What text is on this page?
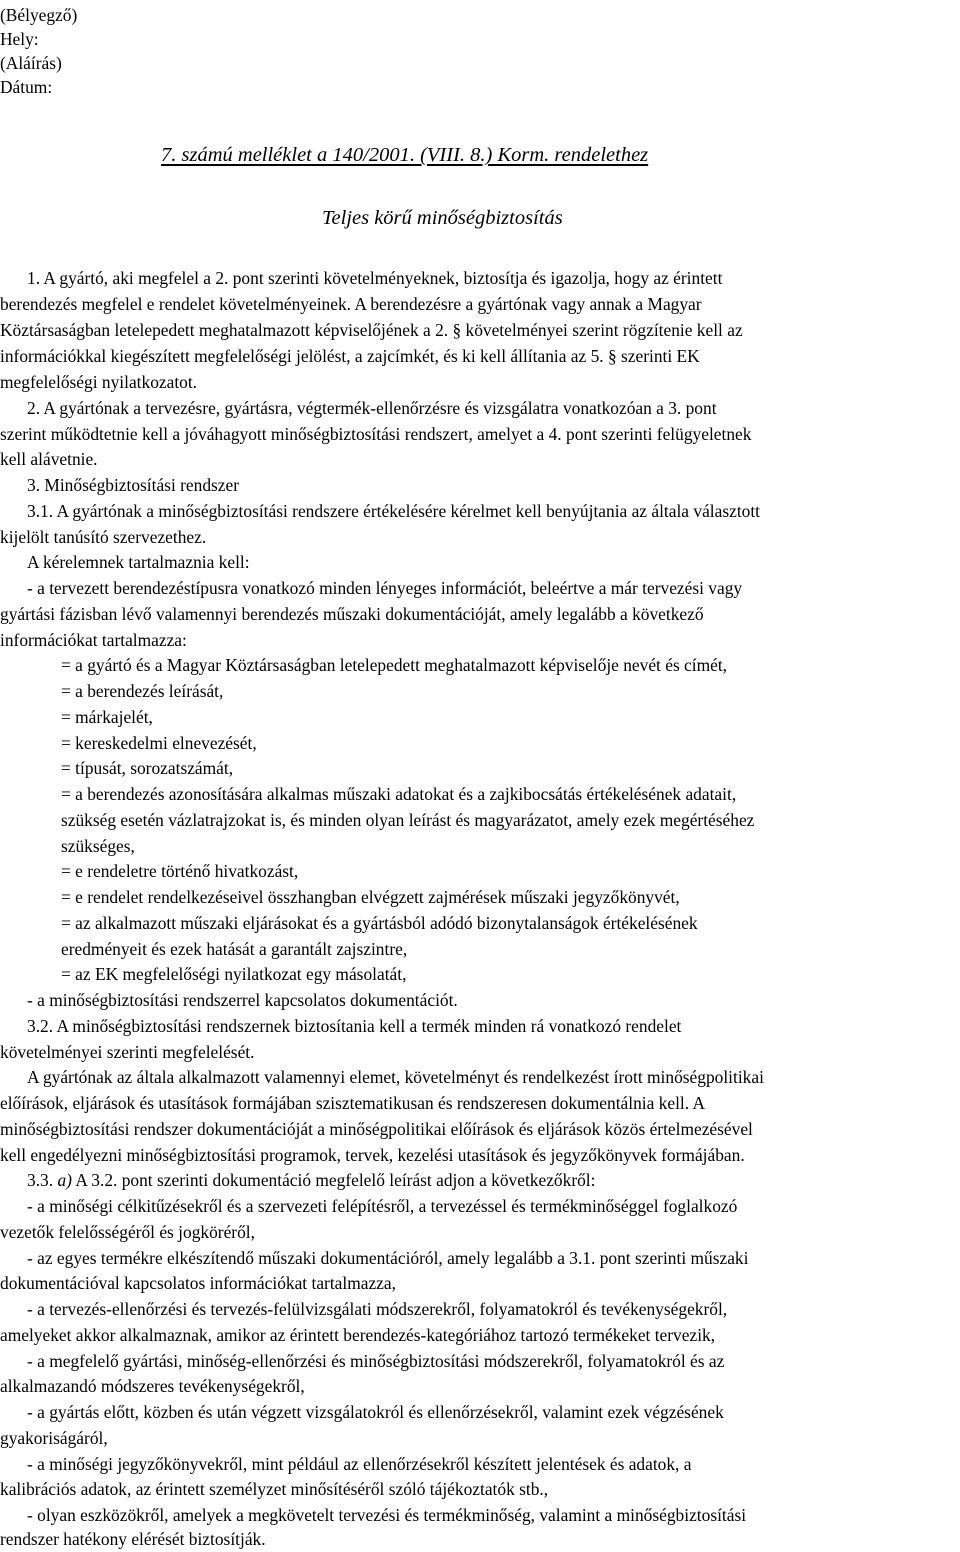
(Bélyegző)

Hely:

(Aláírás)

Dátum:

7. számú melléklet a 140/2001. (VIII. 8.) Korm. rendelethez

Teljes körű minőségbiztosítás

1. A gyártó, aki megfelel a 2. pont szerinti követelményeknek, biztosítja és igazolja, hogy az érintett

berendezés megfelel e rendelet követelményeinek. A berendezésre a gyártónak vagy annak a Magyar

Köztársaságban letelepedett meghatalmazott képviselőjének a 2. § követelményei szerint rögzítenie kell az

információkkal kiegészített megfelelőségi jelölést, a zajcímkét, és ki kell állítania az 5. § szerinti EK

megfelelőségi nyilatkozatot.

2. A gyártónak a tervezésre, gyártásra, végtermék-ellenőrzésre és vizsgálatra vonatkozóan a 3. pont

szerint működtetnie kell a jóváhagyott minőségbiztosítási rendszert, amelyet a 4. pont szerinti felügyeletnek

kell alávetnie.

3. Minőségbiztosítási rendszer

3.1. A gyártónak a minőségbiztosítási rendszere értékelésére kérelmet kell benyújtania az általa választott

kijelölt tanúsító szervezethez.

A kérelemnek tartalmaznia kell:

- a tervezett berendezéstípusra vonatkozó minden lényeges információt, beleértve a már tervezési vagy

gyártási fázisban lévő valamennyi berendezés műszaki dokumentációját, amely legalább a következő

információkat tartalmazza:

= a gyártó és a Magyar Köztársaságban letelepedett meghatalmazott képviselője nevét és címét,

= a berendezés leírását,

= márkajelét,

= kereskedelmi elnevezését,

= típusát, sorozatszámát,

= a berendezés azonosítására alkalmas műszaki adatokat és a zajkibocsátás értékelésének adatait,

szükség esetén vázlatrajzokat is, és minden olyan leírást és magyarázatot, amely ezek megértéséhez

szükséges,

= e rendeletre történő hivatkozást,

= e rendelet rendelkezéseivel összhangban elvégzett zajmérések műszaki jegyzőkönyvét,

= az alkalmazott műszaki eljárásokat és a gyártásból adódó bizonytalanságok értékelésének

eredményeit és ezek hatását a garantált zajszintre,

= az EK megfelelőségi nyilatkozat egy másolatát,

- a minőségbiztosítási rendszerrel kapcsolatos dokumentációt.

3.2. A minőségbiztosítási rendszernek biztosítania kell a termék minden rá vonatkozó rendelet

követelményei szerinti megfelelését.

A gyártónak az általa alkalmazott valamennyi elemet, követelményt és rendelkezést írott minőségpolitikai

előírások, eljárások és utasítások formájában szisztematikusan és rendszeresen dokumentálnia kell. A

minőségbiztosítási rendszer dokumentációját a minőségpolitikai előírások és eljárások közös értelmezésével

kell engedélyezni minőségbiztosítási programok, tervek, kezelési utasítások és jegyzőkönyvek formájában.

3.3. a) A 3.2. pont szerinti dokumentáció megfelelő leírást adjon a következőkről:

- a minőségi célkitűzésekről és a szervezeti felépítésről, a tervezéssel és termékminőséggel foglalkozó

vezetők felelősségéről és jogköréről,

- az egyes termékre elkészítendő műszaki dokumentációról, amely legalább a 3.1. pont szerinti műszaki

dokumentációval kapcsolatos információkat tartalmazza,

- a tervezés-ellenőrzési és tervezés-felülvizsgálati módszerekről, folyamatokról és tevékenységekről,

amelyeket akkor alkalmaznak, amikor az érintett berendezés-kategóriához tartozó termékeket tervezik,

- a megfelelő gyártási, minőség-ellenőrzési és minőségbiztosítási módszerekről, folyamatokról és az

alkalmazandó módszeres tevékenységekről,

- a gyártás előtt, közben és után végzett vizsgálatokról és ellenőrzésekről, valamint ezek végzésének

gyakoriságáról,

- a minőségi jegyzőkönyvekről, mint például az ellenőrzésekről készített jelentések és adatok, a

kalibrációs adatok, az érintett személyzet minősítéséről szóló tájékoztatók stb.,

- olyan eszközökről, amelyek a megkövetelt tervezési és termékminőség, valamint a minőségbiztosítási

rendszer hatékony elérését biztosítják.
